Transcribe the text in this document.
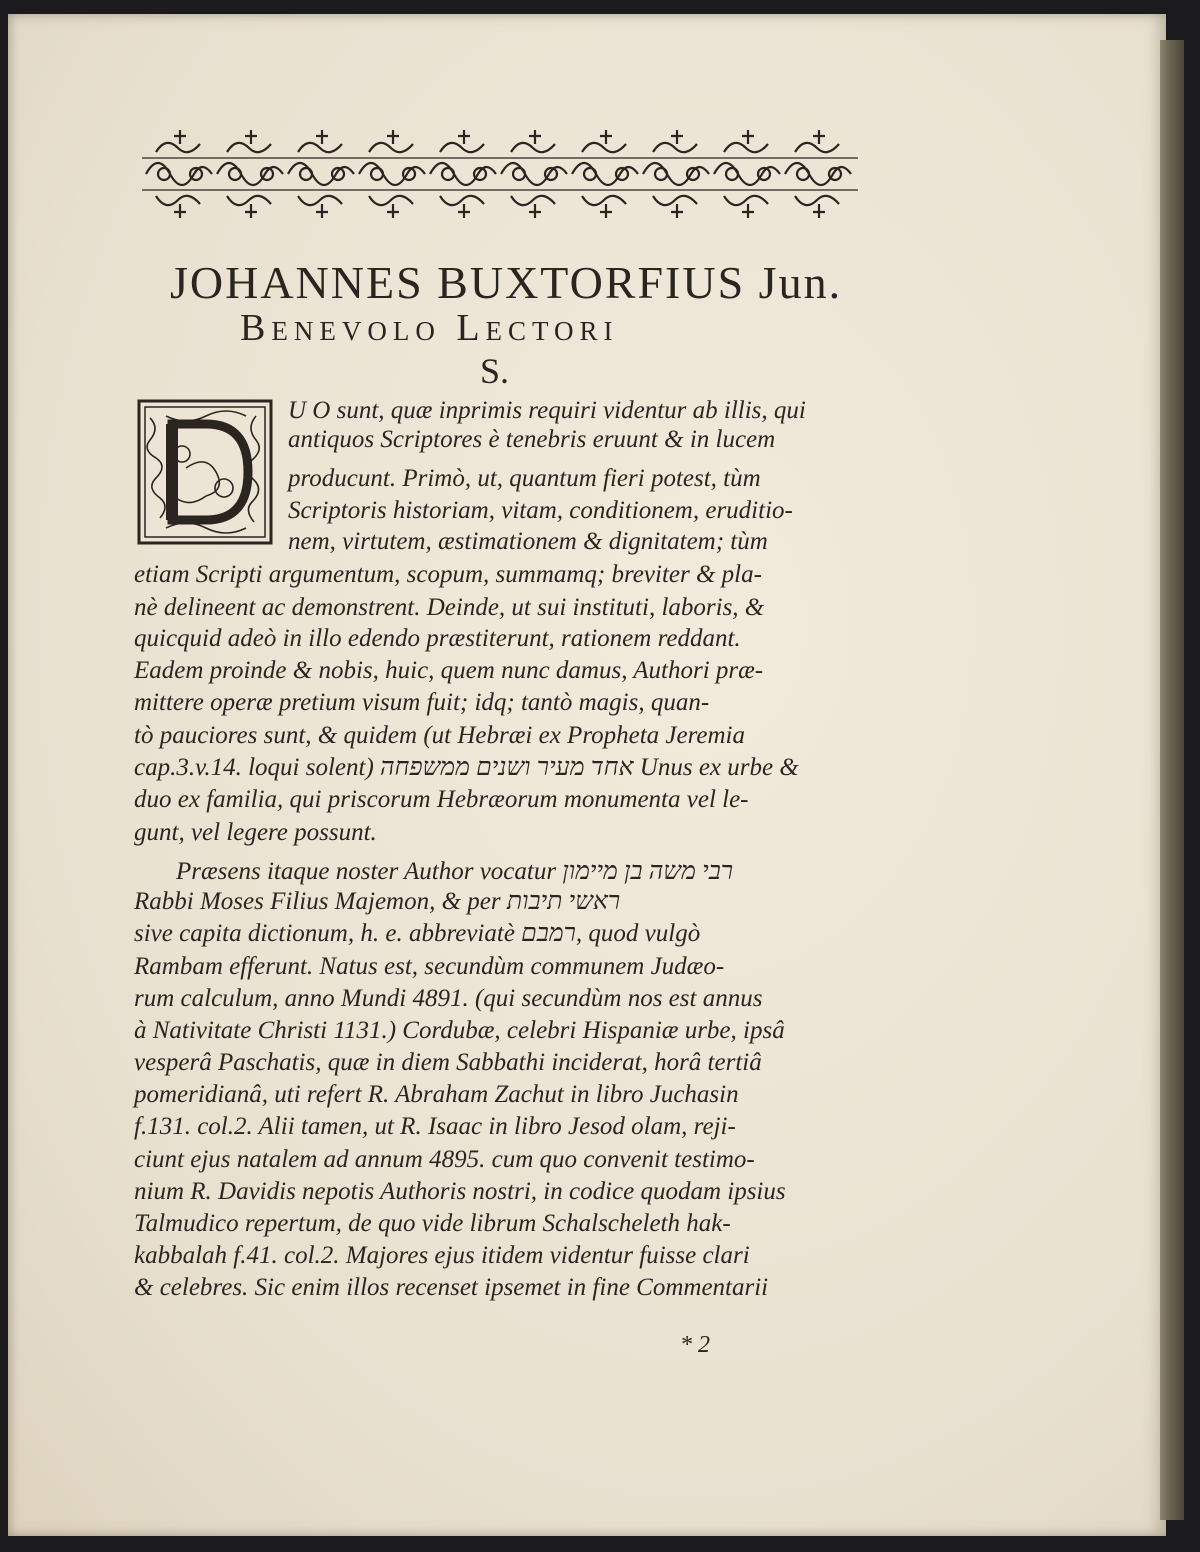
JOHANNES BUXTORFIUS Jun.
Benevolo Lectori
S.
U O sunt, quæ inprimis requiri videntur ab illis, qui
antiquos Scriptores è tenebris eruunt & in lucem
producunt. Primò, ut, quantum fieri potest, tùm
Scriptoris historiam, vitam, conditionem, eruditio-
nem, virtutem, æstimationem & dignitatem; tùm
etiam Scripti argumentum, scopum, summamq; breviter & pla-
nè delineent ac demonstrent. Deinde, ut sui instituti, laboris, &
quicquid adeò in illo edendo præstiterunt, rationem reddant.
Eadem proinde & nobis, huic, quem nunc damus, Authori præ-
mittere operæ pretium visum fuit; idq; tantò magis, quan-
tò pauciores sunt, & quidem (ut Hebræi ex Propheta Jeremia
cap.3.v.14. loqui solent) אחד מעיר ושנים ממשפחה Unus ex urbe &
duo ex familia, qui priscorum Hebræorum monumenta vel le-
gunt, vel legere possunt.
Præsens itaque noster Author vocatur רבי משה בן מיימון
Rabbi Moses Filius Majemon, & per ראשי תיבות
sive capita dictionum, h. e. abbreviatè רמבם, quod vulgò
Rambam efferunt. Natus est, secundùm communem Judæo-
rum calculum, anno Mundi 4891. (qui secundùm nos est annus
à Nativitate Christi 1131.) Cordubæ, celebri Hispaniæ urbe, ipsâ
vesperâ Paschatis, quæ in diem Sabbathi inciderat, horâ tertiâ
pomeridianâ, uti refert R. Abraham Zachut in libro Juchasin
f.131. col.2. Alii tamen, ut R. Isaac in libro Jesod olam, reji-
ciunt ejus natalem ad annum 4895. cum quo convenit testimo-
nium R. Davidis nepotis Authoris nostri, in codice quodam ipsius
Talmudico repertum, de quo vide librum Schalscheleth hak-
kabbalah f.41. col.2. Majores ejus itidem videntur fuisse clari
& celebres. Sic enim illos recenset ipsemet in fine Commentarii
* 2
